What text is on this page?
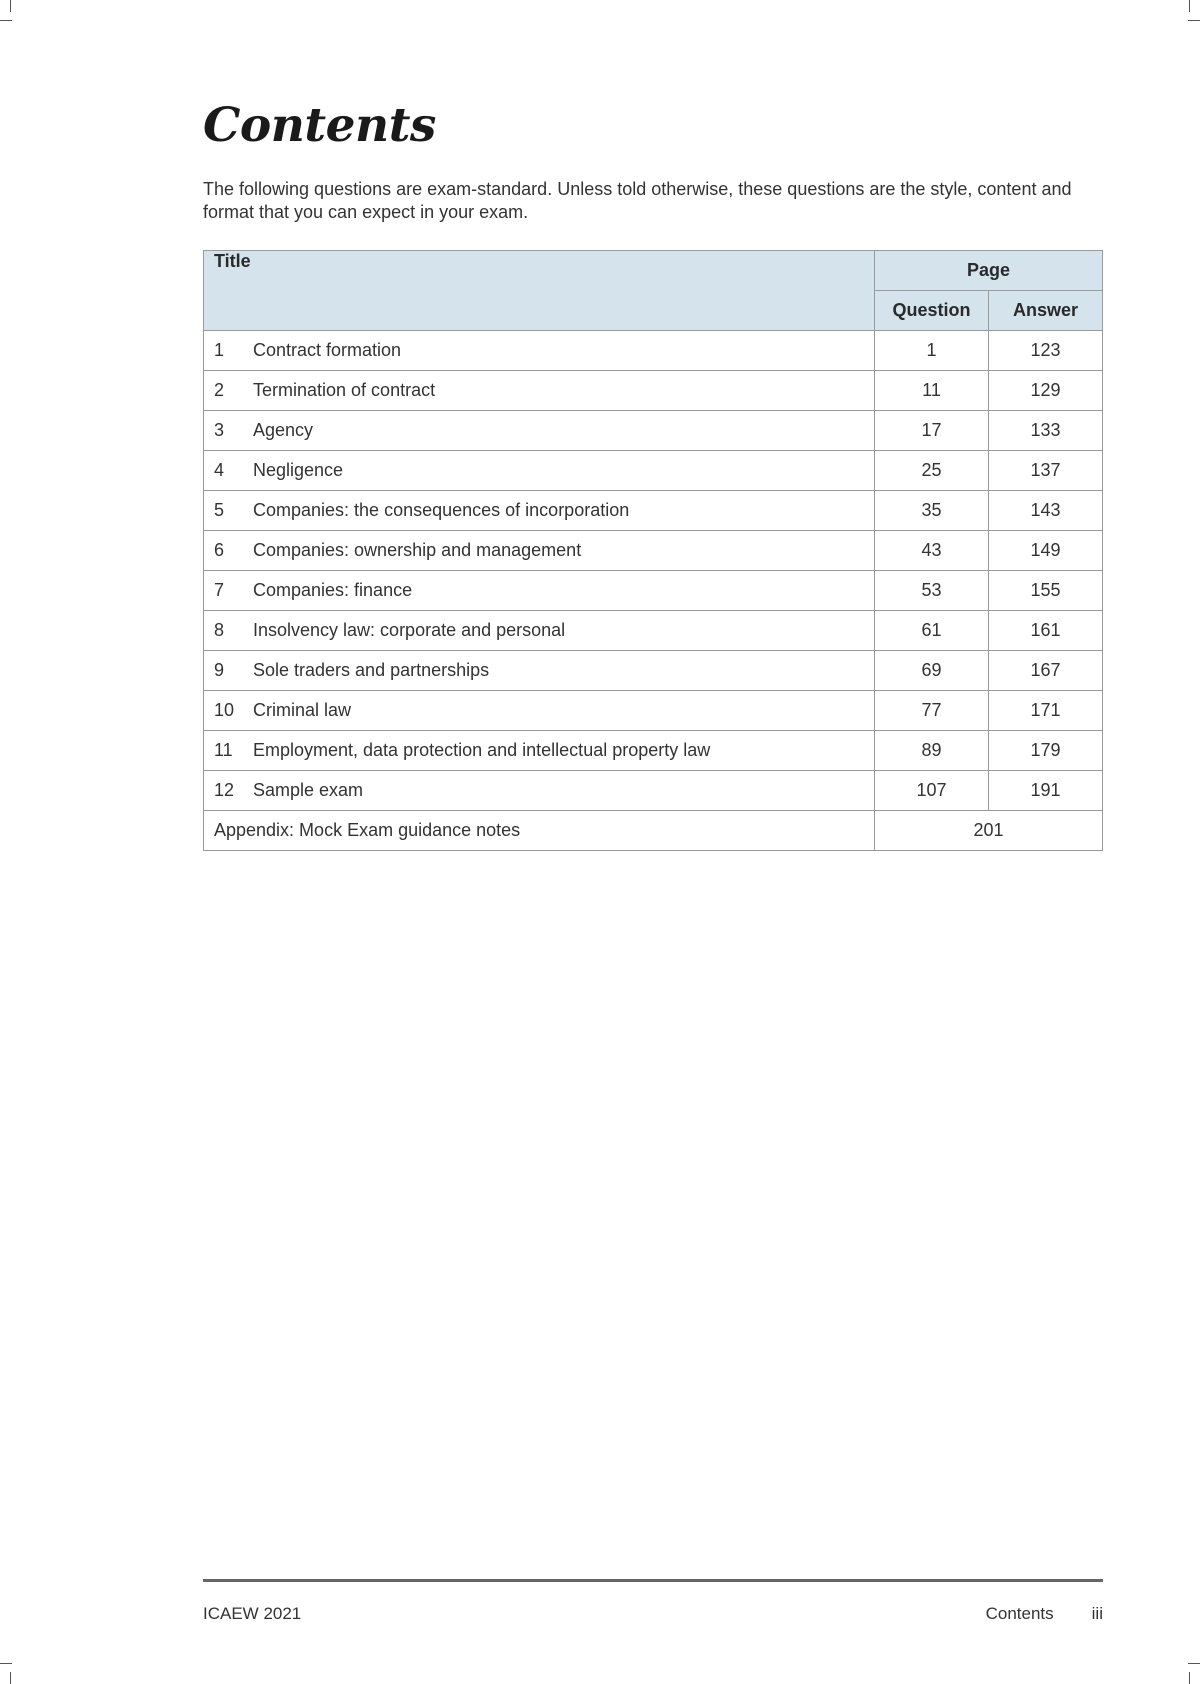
Contents

The following questions are exam-standard. Unless told otherwise, these questions are the style, content and format that you can expect in your exam.

Title	Page	
	Question	Answer
1 Contract formation	1	123
2 Termination of contract	11	129
3 Agency	17	133
4 Negligence	25	137
5 Companies: the consequences of incorporation	35	143
6 Companies: ownership and management	43	149
7 Companies: finance	53	155
8 Insolvency law: corporate and personal	61	161
9 Sole traders and partnerships	69	167
10 Criminal law	77	171
11 Employment, data protection and intellectual property law	89	179
12 Sample exam	107	191
Appendix: Mock Exam guidance notes	201	
ICAEW 2021	Contents iii
